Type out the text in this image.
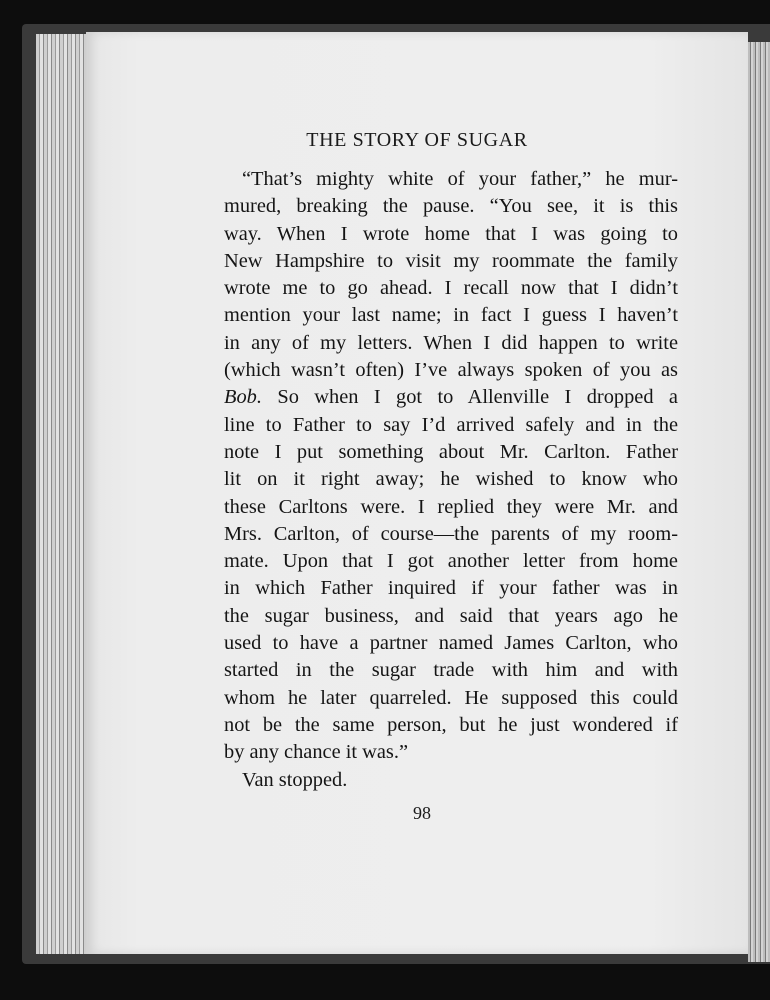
THE STORY OF SUGAR
“That’s mighty white of your father,” he mur-
mured, breaking the pause. “You see, it is this
way. When I wrote home that I was going to
New Hampshire to visit my roommate the family
wrote me to go ahead. I recall now that I didn’t
mention your last name; in fact I guess I haven’t
in any of my letters. When I did happen to write
(which wasn’t often) I’ve always spoken of you as
Bob. So when I got to Allenville I dropped a
line to Father to say I’d arrived safely and in the
note I put something about Mr. Carlton. Father
lit on it right away; he wished to know who
these Carltons were. I replied they were Mr. and
Mrs. Carlton, of course—the parents of my room-
mate. Upon that I got another letter from home
in which Father inquired if your father was in
the sugar business, and said that years ago he
used to have a partner named James Carlton, who
started in the sugar trade with him and with
whom he later quarreled. He supposed this could
not be the same person, but he just wondered if
by any chance it was.”
Van stopped.
98
